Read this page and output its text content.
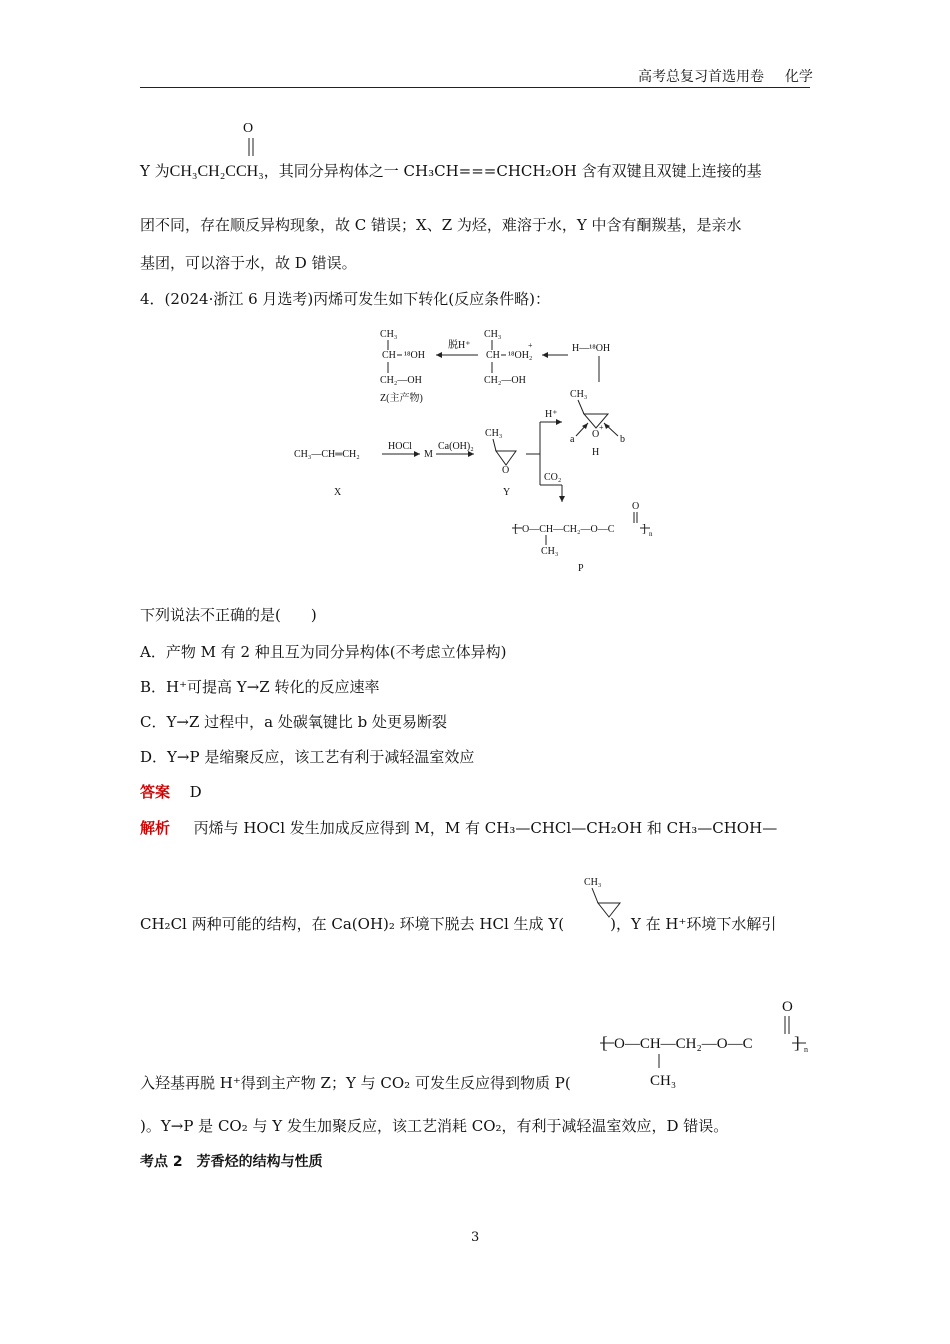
高考总复习首选用卷 化学
O
Y 为CH₃CH₂CCH₃，其同分异构体之一 CH₃CH===CHCH₂OH 含有双键且双键上连接的基
团不同，存在顺反异构现象，故 C 错误；X、Z 为烃，难溶于水，Y 中含有酮羰基，是亲水
基团，可以溶于水，故 D 错误。
4．(2024·浙江 6 月选考)丙烯可发生如下转化(反应条件略)：
CH₃
CH ¹⁸OH
CH₂—OH
Z(主产物)
脱H⁺
CH₃
CH ¹⁸OH₂
+
CH₂—OH
H—¹⁸OH
CH₃
O
+
a	b
H
CH₃—CH═CH₂
HOCl
M
Ca(OH)₂
CH₃
O
Y
X
H⁺
CO₂
O
[ O—CH—CH₂—O—C ] n
CH₃
P
下列说法不正确的是(　　)
A．产物 M 有 2 种且互为同分异构体(不考虑立体异构)
B．H⁺可提高 Y→Z 转化的反应速率
C．Y→Z 过程中，a 处碳氧键比 b 处更易断裂
D．Y→P 是缩聚反应，该工艺有利于减轻温室效应
答案 D
解析 丙烯与 HOCl 发生加成反应得到 M，M 有 CH₃—CHCl—CH₂OH 和 CH₃—CHOH—
CH₃
CH₂Cl 两种可能的结构，在 Ca(OH)₂ 环境下脱去 HCl 生成 Y(	)，Y 在 H⁺环境下水解引
O
[ O—CH—CH₂—O—C ] n
CH₃
入羟基再脱 H⁺得到主产物 Z；Y 与 CO₂ 可发生反应得到物质 P(
)。Y→P 是 CO₂ 与 Y 发生加聚反应，该工艺消耗 CO₂，有利于减轻温室效应，D 错误。
考点 2　芳香烃的结构与性质
3
